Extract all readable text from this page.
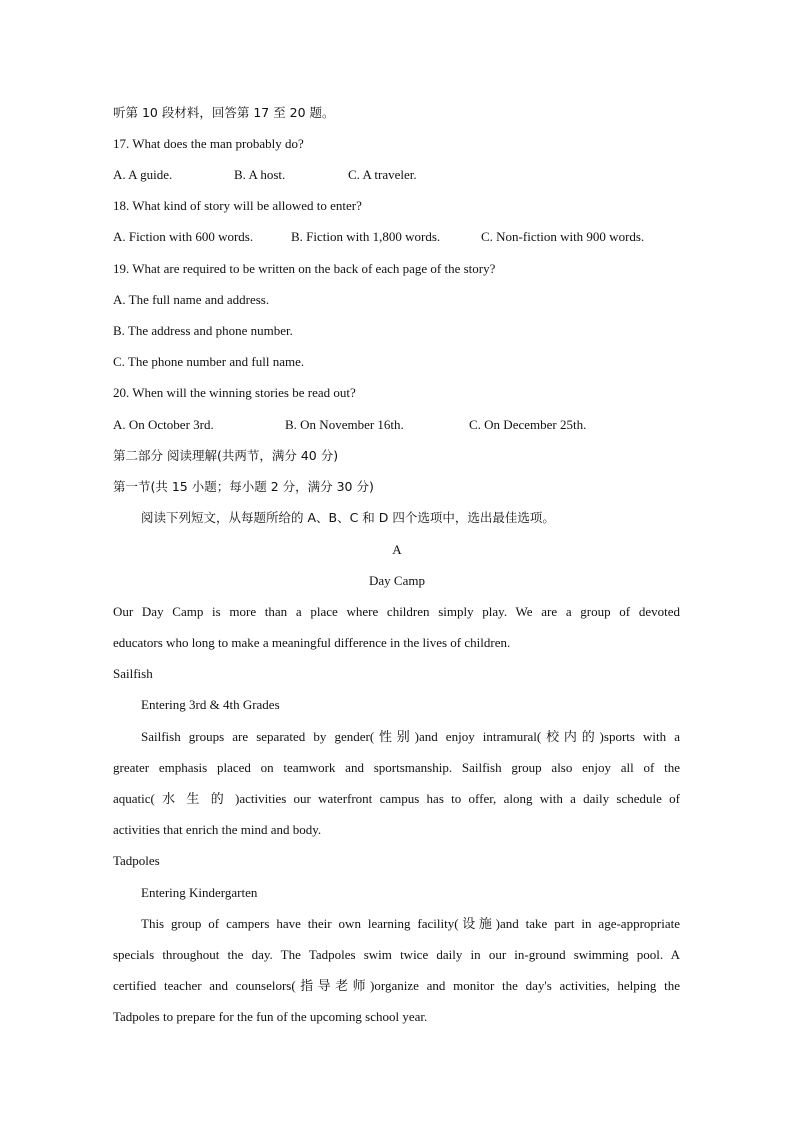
听第 10 段材料，回答第 17 至 20 题。
17. What does the man probably do?
A. A guide.	B. A host.	C. A traveler.
18. What kind of story will be allowed to enter?
A. Fiction with 600 words.	B. Fiction with 1,800 words.	C. Non-fiction with 900 words.
19. What are required to be written on the back of each page of the story?
A. The full name and address.
B. The address and phone number.
C. The phone number and full name.
20. When will the winning stories be read out?
A. On October 3rd.	B. On November 16th.	C. On December 25th.
第二部分 阅读理解(共两节，满分 40 分)
第一节(共 15 小题；每小题 2 分，满分 30 分)
阅读下列短文，从每题所给的 A、B、C 和 D 四个选项中，选出最佳选项。
A
Day Camp
Our Day Camp is more than a place where children simply play. We are a group of devoted
educators who long to make a meaningful difference in the lives of children.
Sailfish
Entering 3rd & 4th Grades
Sailfish groups are separated by gender(性别)and enjoy intramural(校内的)sports with a
greater emphasis placed on teamwork and sportsmanship. Sailfish group also enjoy all of the
aquatic( 水 生 的 )activities our waterfront campus has to offer, along with a daily schedule of
activities that enrich the mind and body.
Tadpoles
Entering Kindergarten
This group of campers have their own learning facility(设施)and take part in age-appropriate
specials throughout the day. The Tadpoles swim twice daily in our in-ground swimming pool. A
certified teacher and counselors(指导老师)organize and monitor the day's activities, helping the
Tadpoles to prepare for the fun of the upcoming school year.
